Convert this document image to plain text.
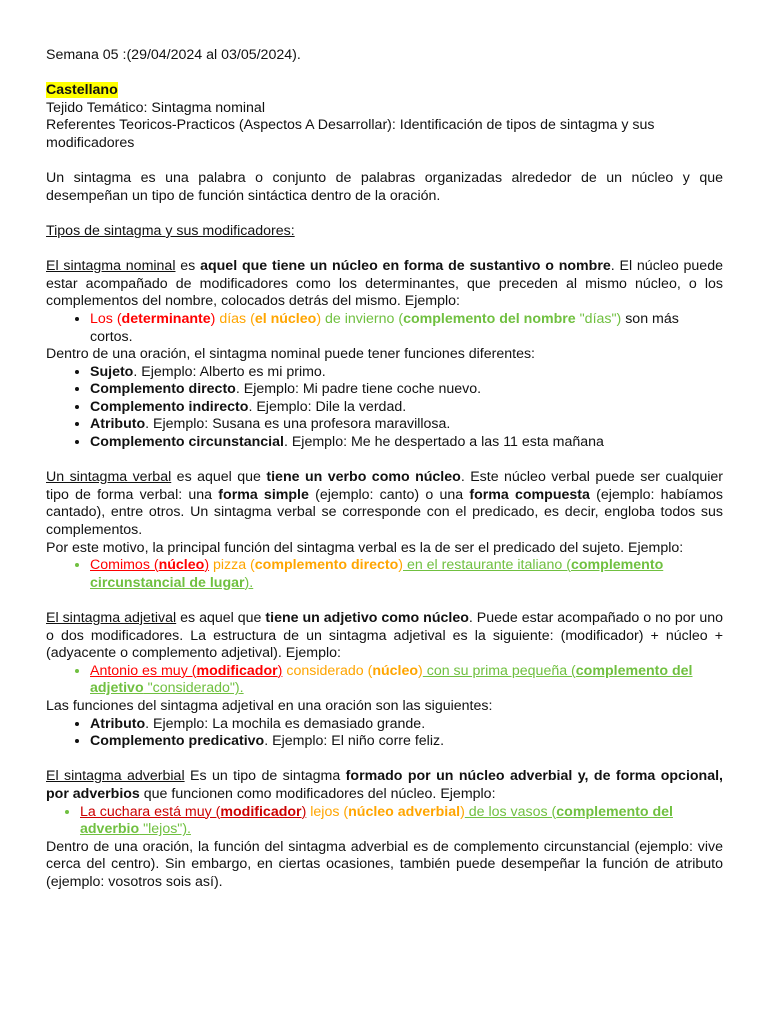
Semana 05 :(29/04/2024 al 03/05/2024).

Castellano

Tejido Temático: Sintagma nominal

Referentes Teoricos-Practicos (Aspectos A Desarrollar): Identificación de tipos de sintagma y sus modificadores

Un sintagma es una palabra o conjunto de palabras organizadas alrededor de un núcleo y que desempeñan un tipo de función sintáctica dentro de la oración.

Tipos de sintagma y sus modificadores:

El sintagma nominal es aquel que tiene un núcleo en forma de sustantivo o nombre. El núcleo puede estar acompañado de modificadores como los determinantes, que preceden al mismo núcleo, o los complementos del nombre, colocados detrás del mismo. Ejemplo:

• Los (determinante) días (el núcleo) de invierno (complemento del nombre "días") son más cortos.

Dentro de una oración, el sintagma nominal puede tener funciones diferentes:

• Sujeto. Ejemplo: Alberto es mi primo.
• Complemento directo. Ejemplo: Mi padre tiene coche nuevo.
• Complemento indirecto. Ejemplo: Dile la verdad.
• Atributo. Ejemplo: Susana es una profesora maravillosa.
• Complemento circunstancial. Ejemplo: Me he despertado a las 11 esta mañana

Un sintagma verbal es aquel que tiene un verbo como núcleo. Este núcleo verbal puede ser cualquier tipo de forma verbal: una forma simple (ejemplo: canto) o una forma compuesta (ejemplo: habíamos cantado), entre otros. Un sintagma verbal se corresponde con el predicado, es decir, engloba todos sus complementos.

Por este motivo, la principal función del sintagma verbal es la de ser el predicado del sujeto. Ejemplo:

• Comimos (núcleo) pizza (complemento directo) en el restaurante italiano (complemento circunstancial de lugar).

El sintagma adjetival es aquel que tiene un adjetivo como núcleo. Puede estar acompañado o no por uno o dos modificadores. La estructura de un sintagma adjetival es la siguiente: (modificador) + núcleo + (adyacente o complemento adjetival). Ejemplo:

• Antonio es muy (modificador) considerado (núcleo) con su prima pequeña (complemento del adjetivo "considerado").

Las funciones del sintagma adjetival en una oración son las siguientes:

• Atributo. Ejemplo: La mochila es demasiado grande.
• Complemento predicativo. Ejemplo: El niño corre feliz.

El sintagma adverbial Es un tipo de sintagma formado por un núcleo adverbial y, de forma opcional, por adverbios que funcionen como modificadores del núcleo. Ejemplo:

• La cuchara está muy (modificador) lejos (núcleo adverbial) de los vasos (complemento del adverbio "lejos").

Dentro de una oración, la función del sintagma adverbial es de complemento circunstancial (ejemplo: vive cerca del centro). Sin embargo, en ciertas ocasiones, también puede desempeñar la función de atributo (ejemplo: vosotros sois así).
